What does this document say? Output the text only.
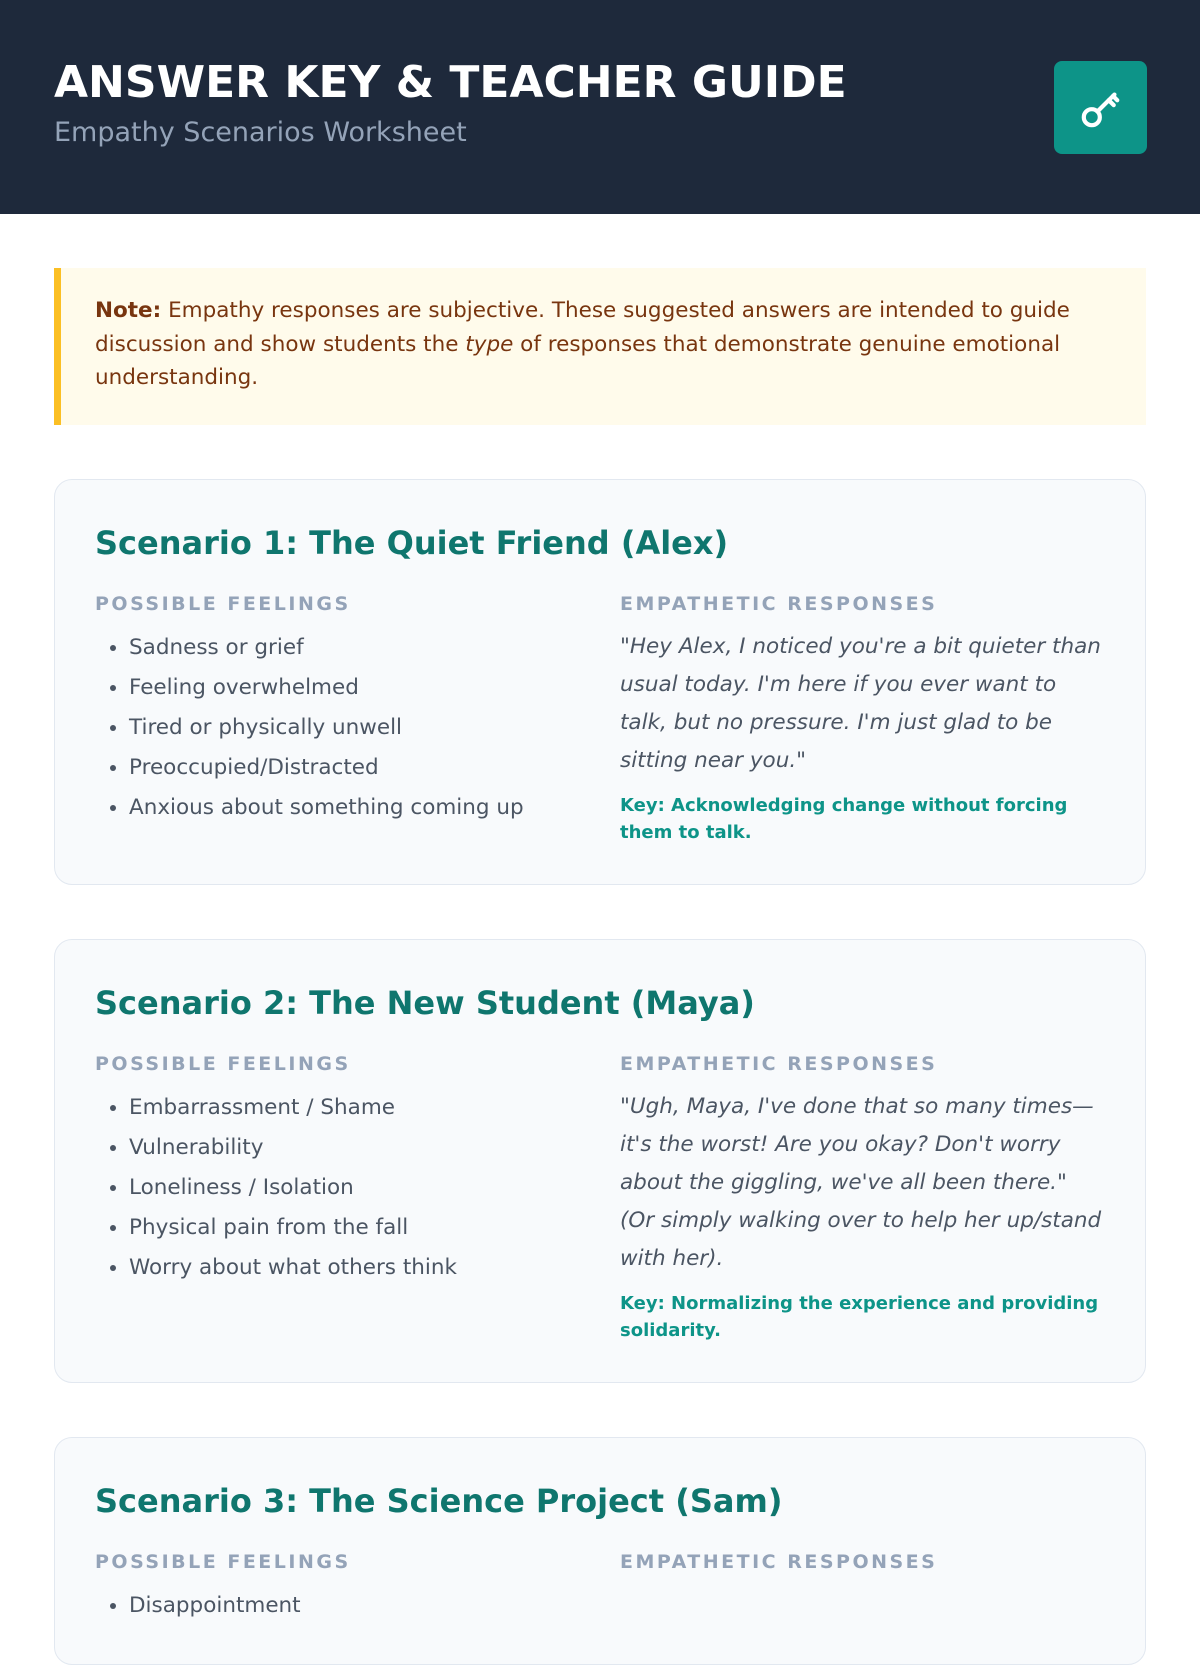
ANSWER KEY & TEACHER GUIDE
Empathy Scenarios Worksheet
Note: Empathy responses are subjective. These suggested answers are intended to guide discussion and show students the type of responses that demonstrate genuine emotional understanding.
Scenario 1: The Quiet Friend (Alex)
POSSIBLE FEELINGS
• Sadness or grief
• Feeling overwhelmed
• Tired or physically unwell
• Preoccupied/Distracted
• Anxious about something coming up
EMPATHETIC RESPONSES

"Hey Alex, I noticed you're a bit quieter than usual today. I'm here if you ever want to talk, but no pressure. I'm just glad to be sitting near you."

Key: Acknowledging change without forcing them to talk.
Scenario 2: The New Student (Maya)
POSSIBLE FEELINGS
• Embarrassment / Shame
• Vulnerability
• Loneliness / Isolation
• Physical pain from the fall
• Worry about what others think
EMPATHETIC RESPONSES

"Ugh, Maya, I've done that so many times—it's the worst! Are you okay? Don't worry about the giggling, we've all been there." (Or simply walking over to help her up/stand with her).

Key: Normalizing the experience and providing solidarity.
Scenario 3: The Science Project (Sam)
POSSIBLE FEELINGS
• Disappointment
EMPATHETIC RESPONSES
